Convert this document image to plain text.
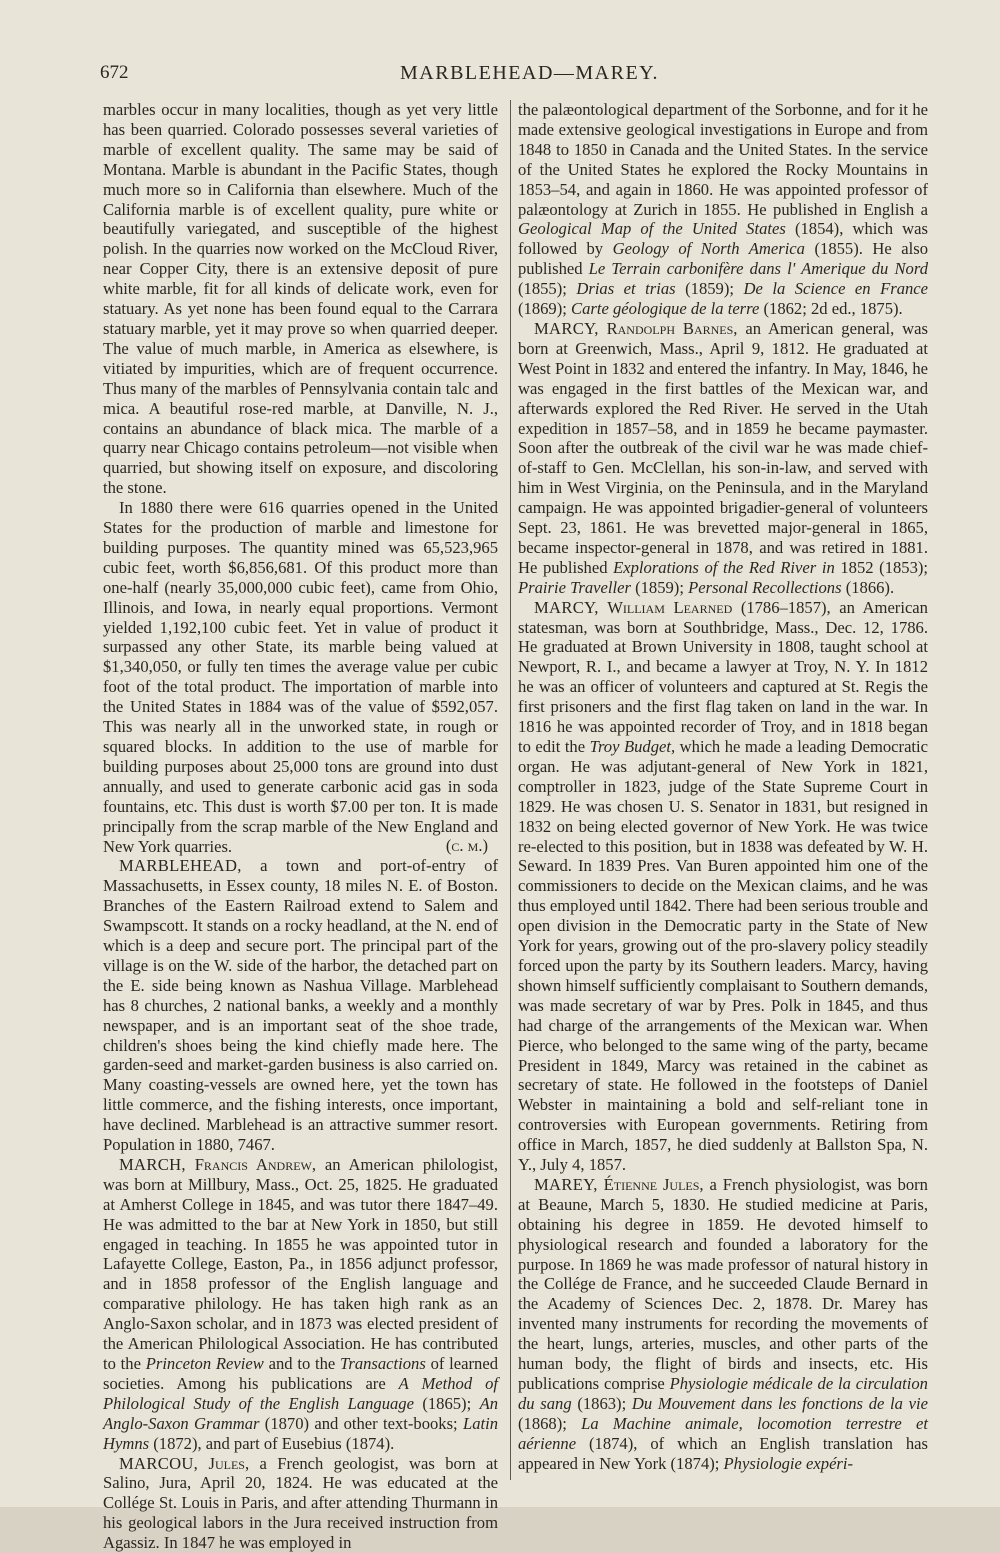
672	MARBLEHEAD—MAREY.

marbles occur in many localities, though as yet very little has been quarried. Colorado possesses several varieties of marble of excellent quality. The same may be said of Montana. Marble is abundant in the Pacific States, though much more so in California than elsewhere. Much of the California marble is of excellent quality, pure white or beautifully variegated, and susceptible of the highest polish. In the quarries now worked on the McCloud River, near Copper City, there is an extensive deposit of pure white marble, fit for all kinds of delicate work, even for statuary. As yet none has been found equal to the Carrara statuary marble, yet it may prove so when quarried deeper. The value of much marble, in America as elsewhere, is vitiated by impurities, which are of frequent occurrence. Thus many of the marbles of Pennsylvania contain talc and mica. A beautiful rose-red marble, at Danville, N. J., contains an abundance of black mica. The marble of a quarry near Chicago contains petroleum—not visible when quarried, but showing itself on exposure, and discoloring the stone.

In 1880 there were 616 quarries opened in the United States for the production of marble and limestone for building purposes. The quantity mined was 65,523,965 cubic feet, worth $6,856,681. Of this product more than one-half (nearly 35,000,000 cubic feet), came from Ohio, Illinois, and Iowa, in nearly equal proportions. Vermont yielded 1,192,100 cubic feet. Yet in value of product it surpassed any other State, its marble being valued at $1,340,050, or fully ten times the average value per cubic foot of the total product. The importation of marble into the United States in 1884 was of the value of $592,057. This was nearly all in the unworked state, in rough or squared blocks. In addition to the use of marble for building purposes about 25,000 tons are ground into dust annually, and used to generate carbonic acid gas in soda fountains, etc. This dust is worth $7.00 per ton. It is made principally from the scrap marble of the New England and New York quarries.	(c. m.)

MARBLEHEAD, a town and port-of-entry of Massachusetts, in Essex county, 18 miles N. E. of Boston. Branches of the Eastern Railroad extend to Salem and Swampscott. It stands on a rocky headland, at the N. end of which is a deep and secure port. The principal part of the village is on the W. side of the harbor, the detached part on the E. side being known as Nashua Village. Marblehead has 8 churches, 2 national banks, a weekly and a monthly newspaper, and is an important seat of the shoe trade, children's shoes being the kind chiefly made here. The garden-seed and market-garden business is also carried on. Many coasting-vessels are owned here, yet the town has little commerce, and the fishing interests, once important, have declined. Marblehead is an attractive summer resort. Population in 1880, 7467.

MARCH, Francis Andrew, an American philologist, was born at Millbury, Mass., Oct. 25, 1825. He graduated at Amherst College in 1845, and was tutor there 1847–49. He was admitted to the bar at New York in 1850, but still engaged in teaching. In 1855 he was appointed tutor in Lafayette College, Easton, Pa., in 1856 adjunct professor, and in 1858 professor of the English language and comparative philology. He has taken high rank as an Anglo-Saxon scholar, and in 1873 was elected president of the American Philological Association. He has contributed to the Princeton Review and to the Transactions of learned societies. Among his publications are A Method of Philological Study of the English Language (1865); An Anglo-Saxon Grammar (1870) and other text-books; Latin Hymns (1872), and part of Eusebius (1874).

MARCOU, Jules, a French geologist, was born at Salino, Jura, April 20, 1824. He was educated at the Collége St. Louis in Paris, and after attending Thurmann in his geological labors in the Jura received instruction from Agassiz. In 1847 he was employed in

the palæontological department of the Sorbonne, and for it he made extensive geological investigations in Europe and from 1848 to 1850 in Canada and the United States. In the service of the United States he explored the Rocky Mountains in 1853–54, and again in 1860. He was appointed professor of palæontology at Zurich in 1855. He published in English a Geological Map of the United States (1854), which was followed by Geology of North America (1855). He also published Le Terrain carbonifère dans l' Amerique du Nord (1855); Drias et trias (1859); De la Science en France (1869); Carte géologique de la terre (1862; 2d ed., 1875).

MARCY, Randolph Barnes, an American general, was born at Greenwich, Mass., April 9, 1812. He graduated at West Point in 1832 and entered the infantry. In May, 1846, he was engaged in the first battles of the Mexican war, and afterwards explored the Red River. He served in the Utah expedition in 1857–58, and in 1859 he became paymaster. Soon after the outbreak of the civil war he was made chief-of-staff to Gen. McClellan, his son-in-law, and served with him in West Virginia, on the Peninsula, and in the Maryland campaign. He was appointed brigadier-general of volunteers Sept. 23, 1861. He was brevetted major-general in 1865, became inspector-general in 1878, and was retired in 1881. He published Explorations of the Red River in 1852 (1853); Prairie Traveller (1859); Personal Recollections (1866).

MARCY, William Learned (1786–1857), an American statesman, was born at Southbridge, Mass., Dec. 12, 1786. He graduated at Brown University in 1808, taught school at Newport, R. I., and became a lawyer at Troy, N. Y. In 1812 he was an officer of volunteers and captured at St. Regis the first prisoners and the first flag taken on land in the war. In 1816 he was appointed recorder of Troy, and in 1818 began to edit the Troy Budget, which he made a leading Democratic organ. He was adjutant-general of New York in 1821, comptroller in 1823, judge of the State Supreme Court in 1829. He was chosen U. S. Senator in 1831, but resigned in 1832 on being elected governor of New York. He was twice re-elected to this position, but in 1838 was defeated by W. H. Seward. In 1839 Pres. Van Buren appointed him one of the commissioners to decide on the Mexican claims, and he was thus employed until 1842. There had been serious trouble and open division in the Democratic party in the State of New York for years, growing out of the pro-slavery policy steadily forced upon the party by its Southern leaders. Marcy, having shown himself sufficiently complaisant to Southern demands, was made secretary of war by Pres. Polk in 1845, and thus had charge of the arrangements of the Mexican war. When Pierce, who belonged to the same wing of the party, became President in 1849, Marcy was retained in the cabinet as secretary of state. He followed in the footsteps of Daniel Webster in maintaining a bold and self-reliant tone in controversies with European governments. Retiring from office in March, 1857, he died suddenly at Ballston Spa, N. Y., July 4, 1857.

MAREY, Étienne Jules, a French physiologist, was born at Beaune, March 5, 1830. He studied medicine at Paris, obtaining his degree in 1859. He devoted himself to physiological research and founded a laboratory for the purpose. In 1869 he was made professor of natural history in the Collége de France, and he succeeded Claude Bernard in the Academy of Sciences Dec. 2, 1878. Dr. Marey has invented many instruments for recording the movements of the heart, lungs, arteries, muscles, and other parts of the human body, the flight of birds and insects, etc. His publications comprise Physiologie médicale de la circulation du sang (1863); Du Mouvement dans les fonctions de la vie (1868); La Machine animale, locomotion terrestre et aérienne (1874), of which an English translation has appeared in New York (1874); Physiologie expéri-
